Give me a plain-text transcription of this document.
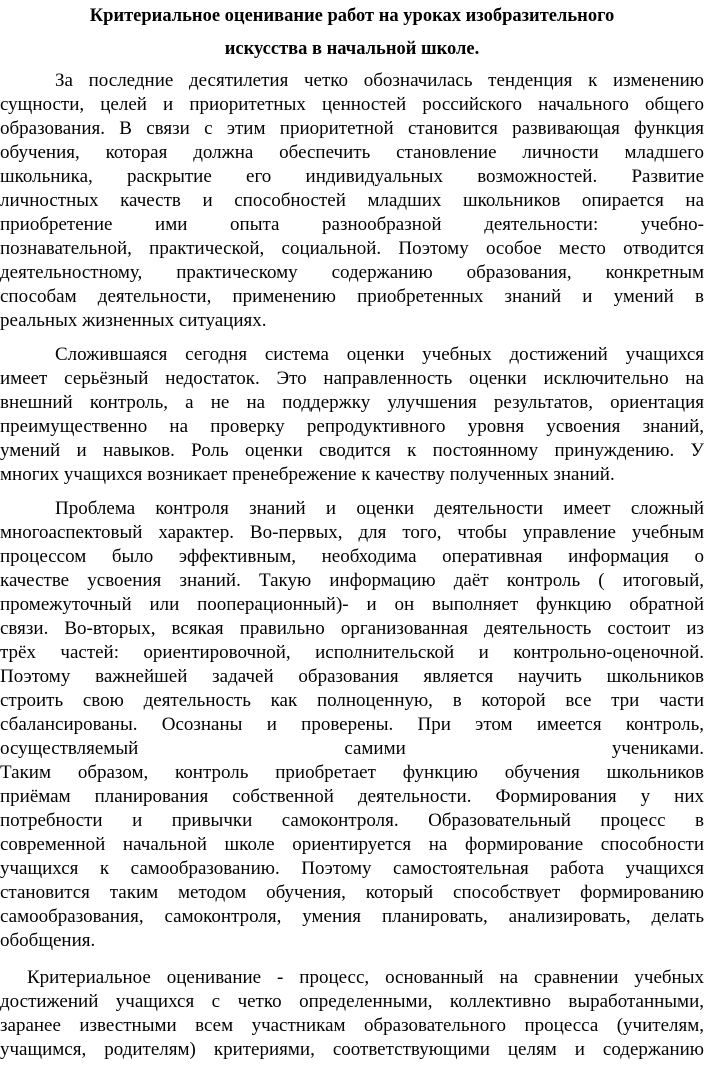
Критериальное оценивание работ на уроках изобразительного
искусства в начальной школе.
За последние десятилетия четко обозначилась тенденция к изменению
сущности, целей и приоритетных ценностей российского начального общего
образования. В связи с этим приоритетной становится развивающая функция
обучения, которая должна обеспечить становление личности младшего
школьника, раскрытие его индивидуальных возможностей. Развитие
личностных качеств и способностей младших школьников опирается на
приобретение ими опыта разнообразной деятельности: учебно-
познавательной, практической, социальной. Поэтому особое место отводится
деятельностному, практическому содержанию образования, конкретным
способам деятельности, применению приобретенных знаний и умений в
реальных жизненных ситуациях.
Сложившаяся сегодня система оценки учебных достижений учащихся
имеет серьёзный недостаток. Это направленность оценки исключительно на
внешний контроль, а не на поддержку улучшения результатов, ориентация
преимущественно на проверку репродуктивного уровня усвоения знаний,
умений и навыков. Роль оценки сводится к постоянному принуждению. У
многих учащихся возникает пренебрежение к качеству полученных знаний.
Проблема контроля знаний и оценки деятельности имеет сложный
многоаспектовый характер. Во-первых, для того, чтобы управление учебным
процессом было эффективным, необходима оперативная информация о
качестве усвоения знаний. Такую информацию даёт контроль ( итоговый,
промежуточный или пооперационный)- и он выполняет функцию обратной
связи. Во-вторых, всякая правильно организованная деятельность состоит из
трёх частей: ориентировочной, исполнительской и контрольно-оценочной.
Поэтому важнейшей задачей образования является научить школьников
строить свою деятельность как полноценную, в которой все три части
сбалансированы. Осознаны и проверены. При этом имеется контроль,
осуществляемый самими учениками.
Таким образом, контроль приобретает функцию обучения школьников
приёмам планирования собственной деятельности. Формирования у них
потребности и привычки самоконтроля. Образовательный процесс в
современной начальной школе ориентируется на формирование способности
учащихся к самообразованию. Поэтому самостоятельная работа учащихся
становится таким методом обучения, который способствует формированию
самообразования, самоконтроля, умения планировать, анализировать, делать
обобщения.
Критериальное оценивание - процесс, основанный на сравнении учебных
достижений учащихся с четко определенными, коллективно выработанными,
заранее известными всем участникам образовательного процесса (учителям,
учащимся, родителям) критериями, соответствующими целям и содержанию
